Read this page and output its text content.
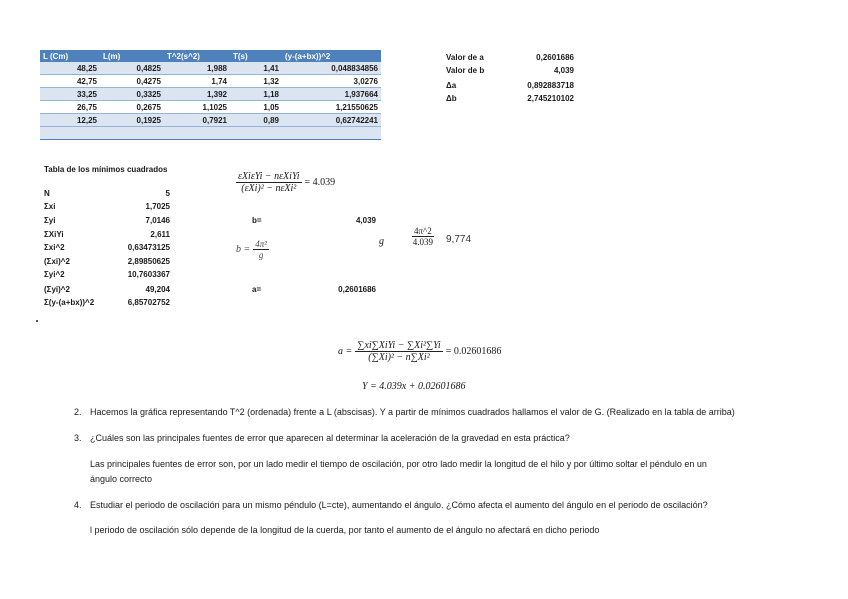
L (Cm)	L(m)	T^2(s^2)	T(s)	(y-(a+bx))^2
48,25	0,4825	1,988	1,41	0,048834856
42,75	0,4275	1,74	1,32	3,0276
33,25	0,3325	1,392	1,18	1,937664
26,75	0,2675	1,1025	1,05	1,21550625
12,25	0,1925	0,7921	0,89	0,62742241

Valor de a	0,2601686
Valor de b	4,039
Δa	0,892883718
Δb	2,745210102
Tabla de los mínimos cuadrados
N	5
Σxi	1,7025
Σyi	7,0146
ΣXiYi	2,611
Σxi^2	0,63473125
(Σxi)^2	2,89850625
Σyi^2	10,7603367
(Σyi)^2	49,204
Σ(y-(a+bx))^2	6,85702752
$\frac{\text{εXiεYi − nεXiYi}}{\text{(εXi)² − nεXi²}} = 4.039$
b=	4,039
$b = \frac{\text{4π²}}{g}$	g	$\frac{4\pi\^{}2}{4.039} 9,774$
a=	0,2601686
$a = \frac{\text{∑xi∑XiYi − ∑Xi²∑Yi}}{\text{(∑Xi)² − n∑Xi²}} = 0.02601686$
Y = 4.039x + 0.02601686
2. Hacemos la gráfica representando T^2 (ordenada) frente a L (abscisas). Y a partir de mínimos cuadrados hallamos el valor de G. (Realizado en la tabla de arriba)
3. ¿Cuáles son las principales fuentes de error que aparecen al determinar la aceleración de la gravedad en esta práctica?
Las principales fuentes de error son, por un lado medir el tiempo de oscilación, por otro lado medir la longitud de el hilo y por último soltar el péndulo en un
ángulo correcto
4. Estudiar el periodo de oscilación para un mismo péndulo (L=cte), aumentando el ángulo. ¿Cómo afecta el aumento del ángulo en el periodo de oscilación?
l periodo de oscilación sólo depende de la longitud de la cuerda, por tanto el aumento de el ángulo no afectará en dicho periodo
